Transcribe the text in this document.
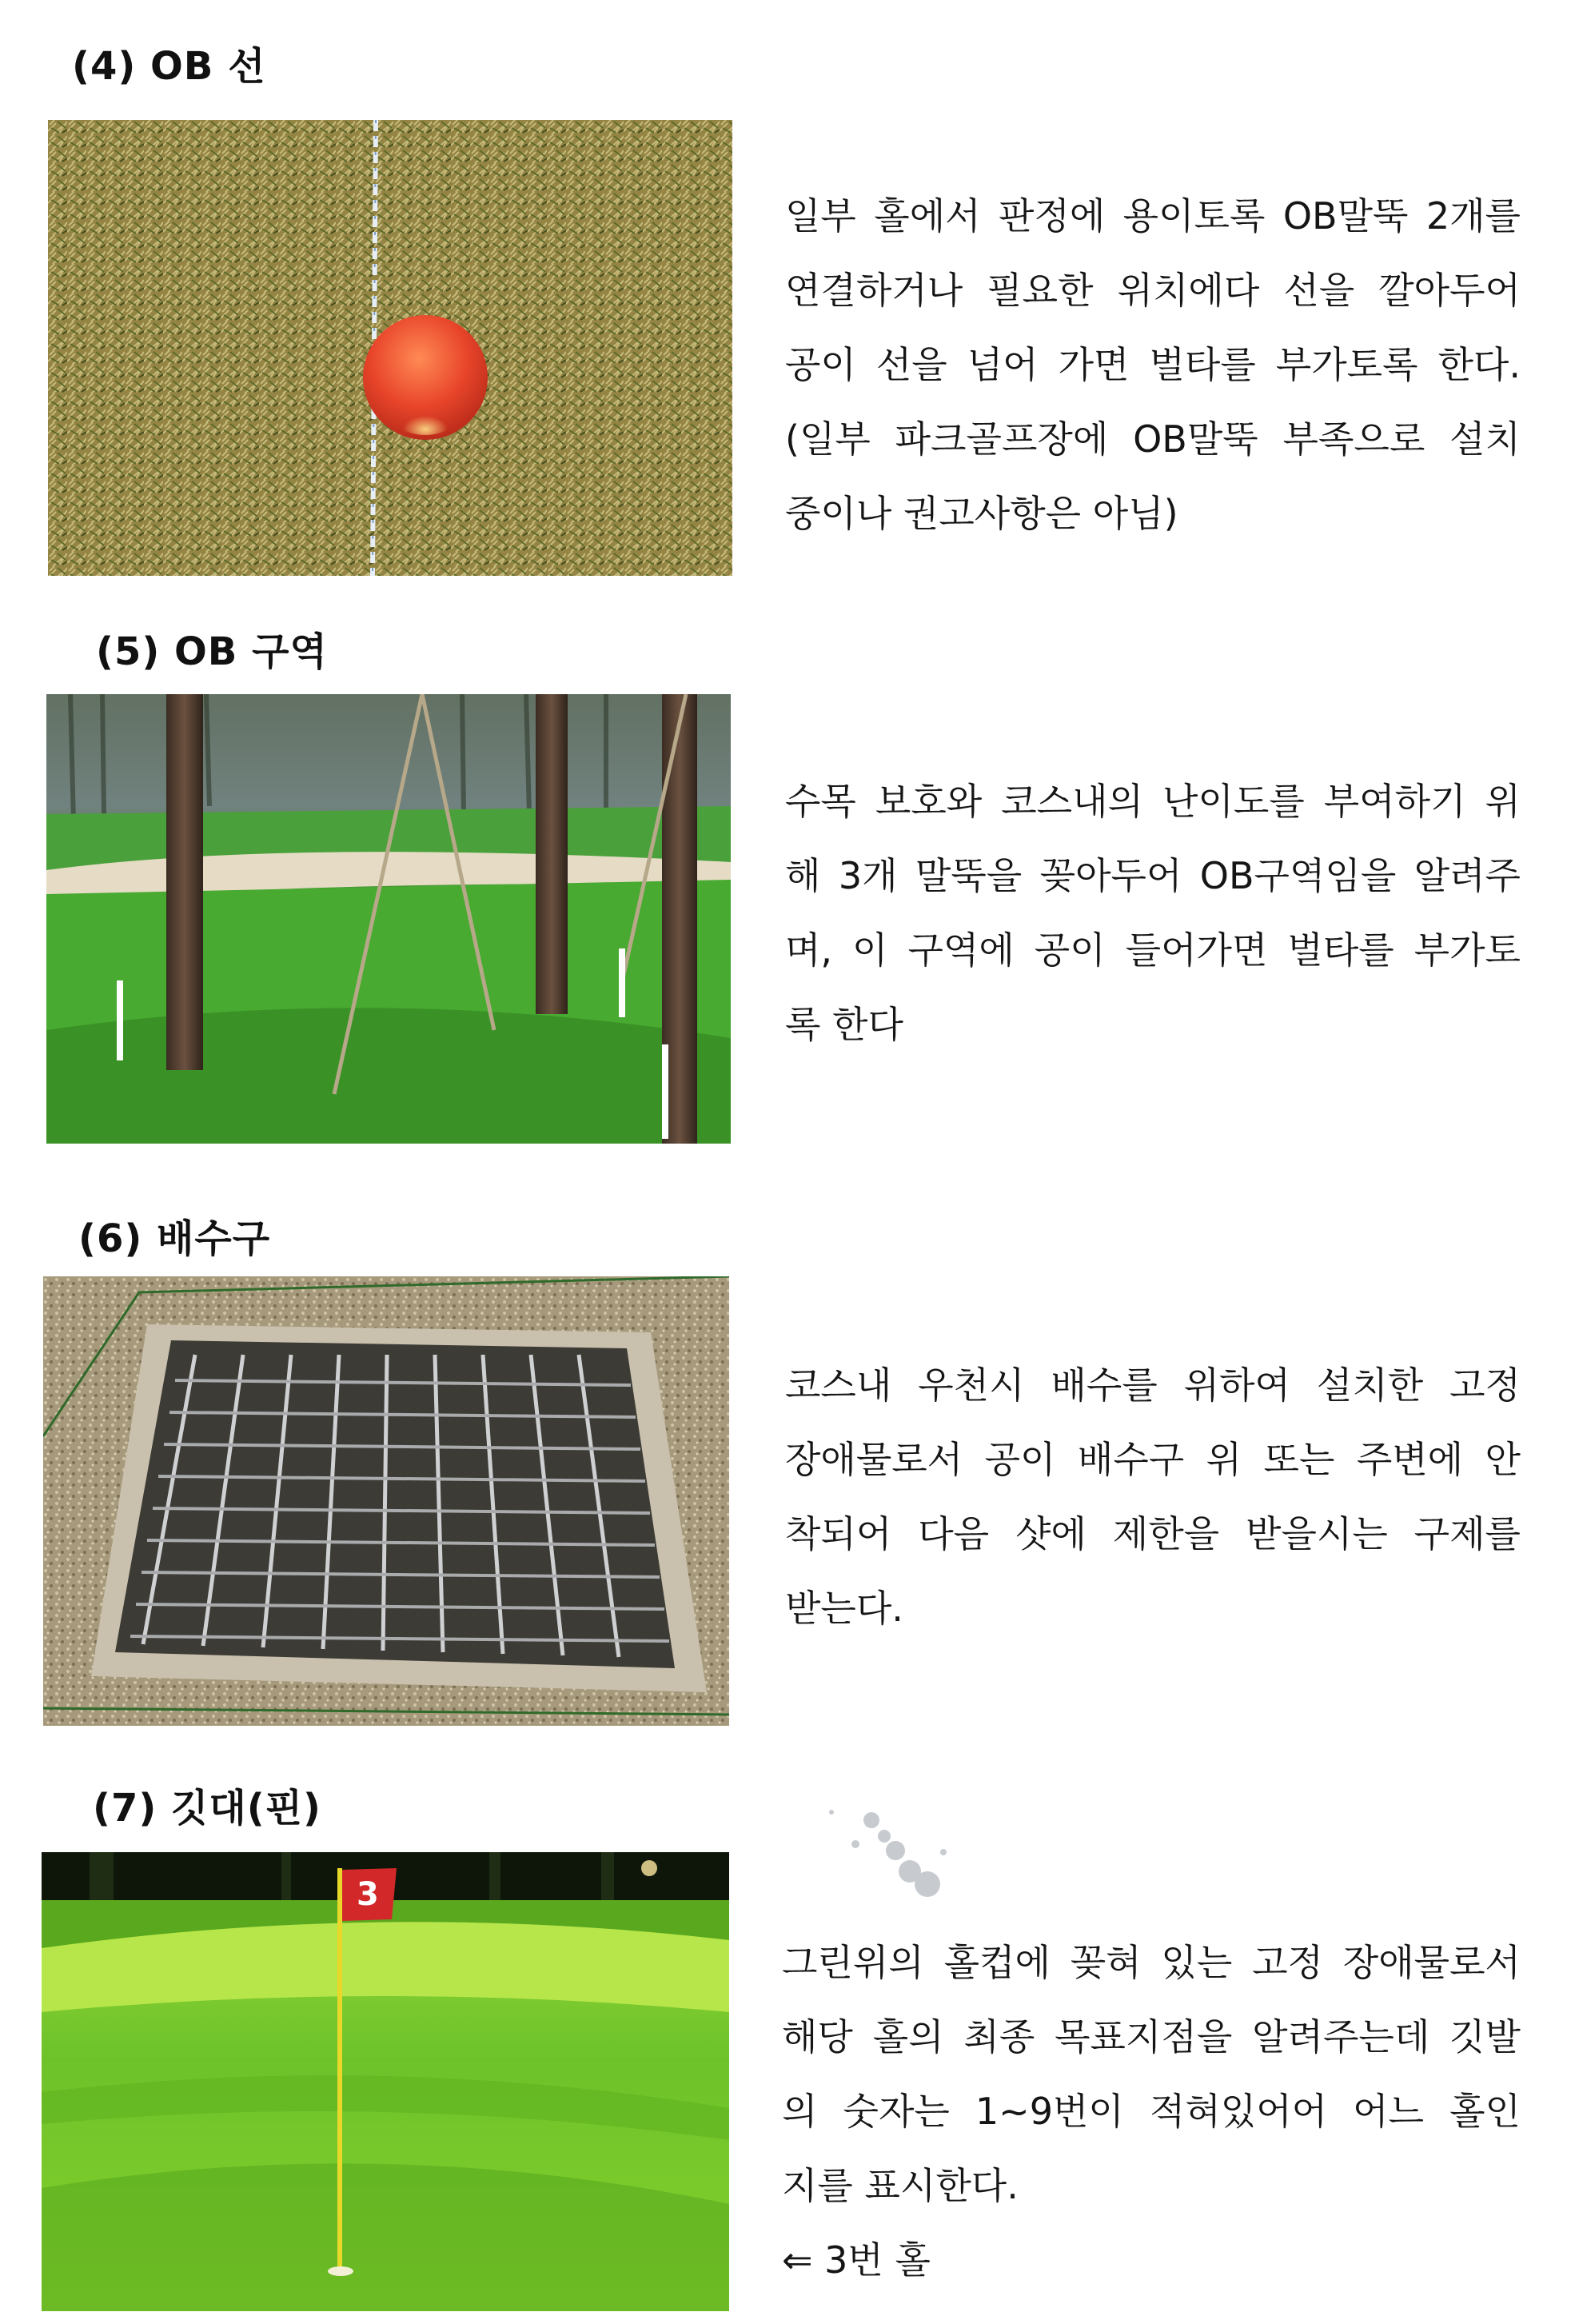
(4) OB 선
일부 홀에서 판정에 용이토록 OB말뚝 2개를
연결하거나 필요한 위치에다 선을 깔아두어
공이 선을 넘어 가면 벌타를 부가토록 한다.
(일부 파크골프장에 OB말뚝 부족으로 설치
중이나 권고사항은 아님)
(5) OB 구역
수목 보호와 코스내의 난이도를 부여하기 위
해 3개 말뚝을 꽂아두어 OB구역임을 알려주
며, 이 구역에 공이 들어가면 벌타를 부가토
록 한다
(6) 배수구
코스내 우천시 배수를 위하여 설치한 고정
장애물로서 공이 배수구 위 또는 주변에 안
착되어 다음 샷에 제한을 받을시는 구제를
받는다.
(7) 깃대(핀)
3
그린위의 홀컵에 꽂혀 있는 고정 장애물로서
해당 홀의 최종 목표지점을 알려주는데 깃발
의 숫자는 1~9번이 적혀있어어 어느 홀인
지를 표시한다.
⇐ 3번 홀
